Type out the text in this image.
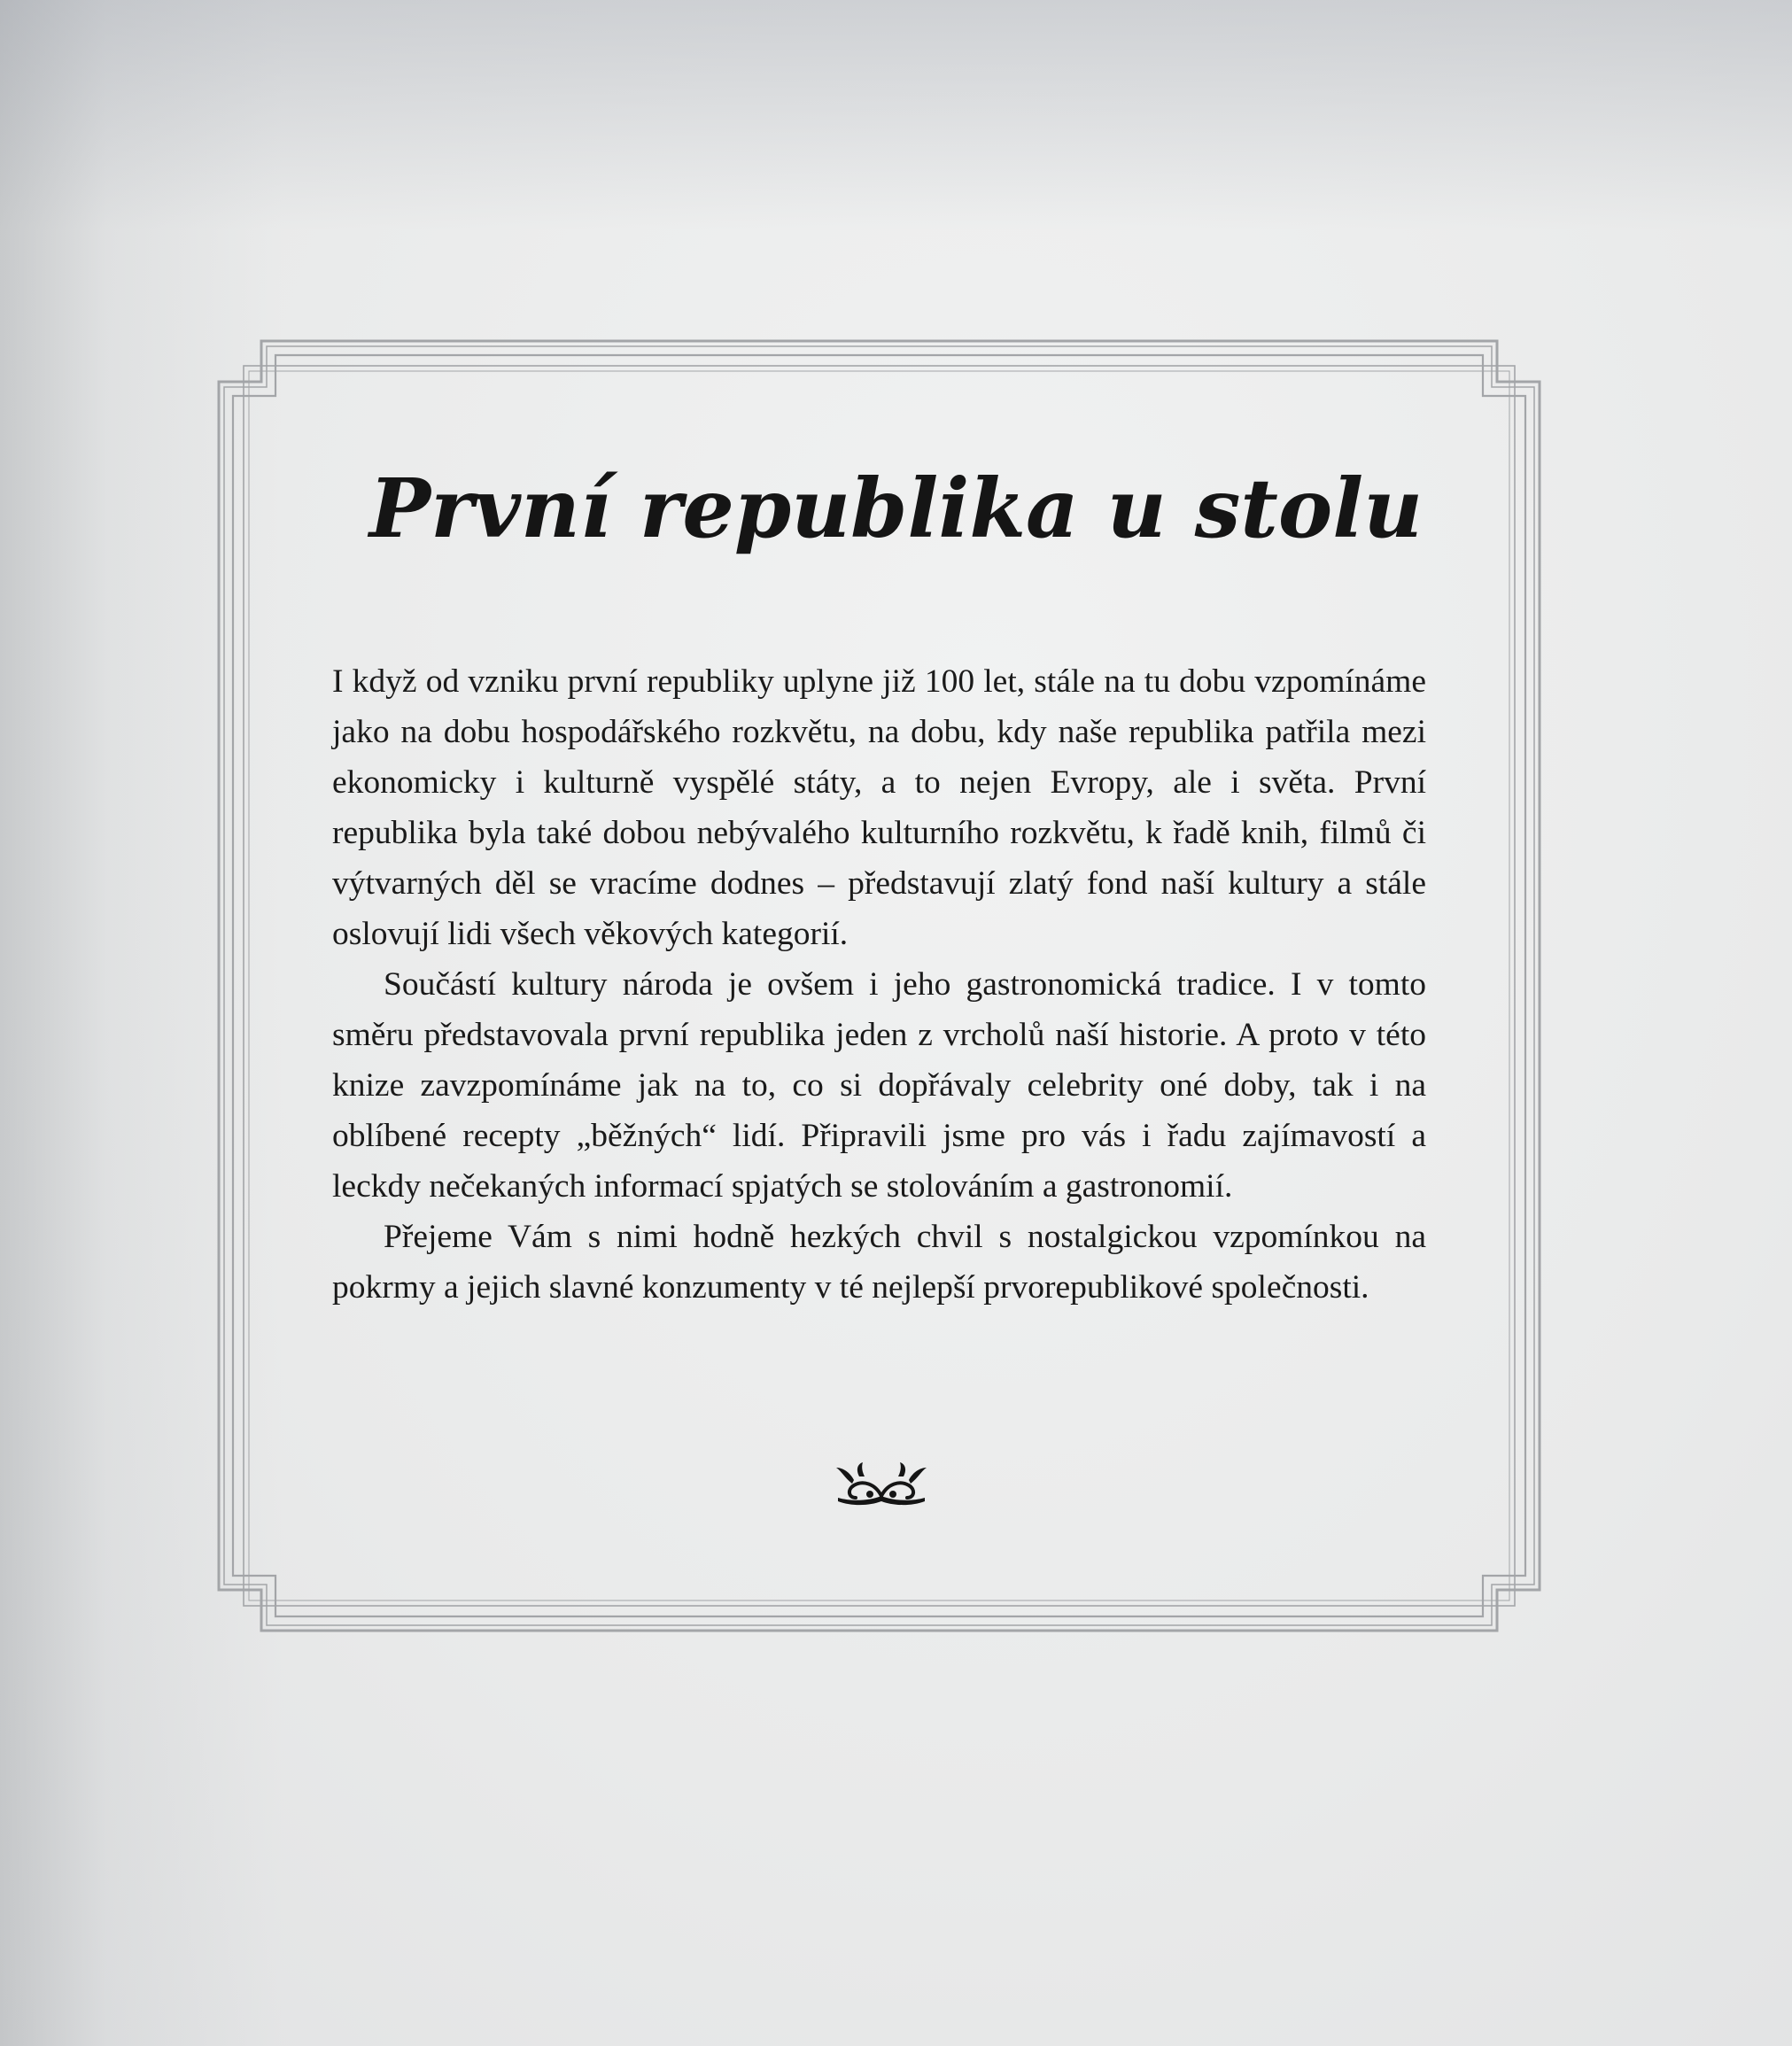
První republika u stolu

I když od vzniku první republiky uplyne již 100 let, stále na tu dobu vzpomínáme jako na dobu hospodářského rozkvětu, na dobu, kdy naše republika patřila mezi ekonomicky i kulturně vyspělé státy, a to nejen Evropy, ale i světa. První republika byla také dobou nebývalého kulturního rozkvětu, k řadě knih, filmů či výtvarných děl se vracíme dodnes – představují zlatý fond naší kultury a stále oslovují lidi všech věkových kategorií.

Součástí kultury národa je ovšem i jeho gastronomická tradice. I v tomto směru představovala první republika jeden z vrcholů naší historie. A proto v této knize zavzpomínáme jak na to, co si dopřávaly celebrity oné doby, tak i na oblíbené recepty „běžných“ lidí. Připravili jsme pro vás i řadu zajímavostí a leckdy nečekaných informací spjatých se stolováním a gastronomií.

Přejeme Vám s nimi hodně hezkých chvil s nostalgickou vzpomínkou na pokrmy a jejich slavné konzumenty v té nejlepší prvorepublikové společnosti.
